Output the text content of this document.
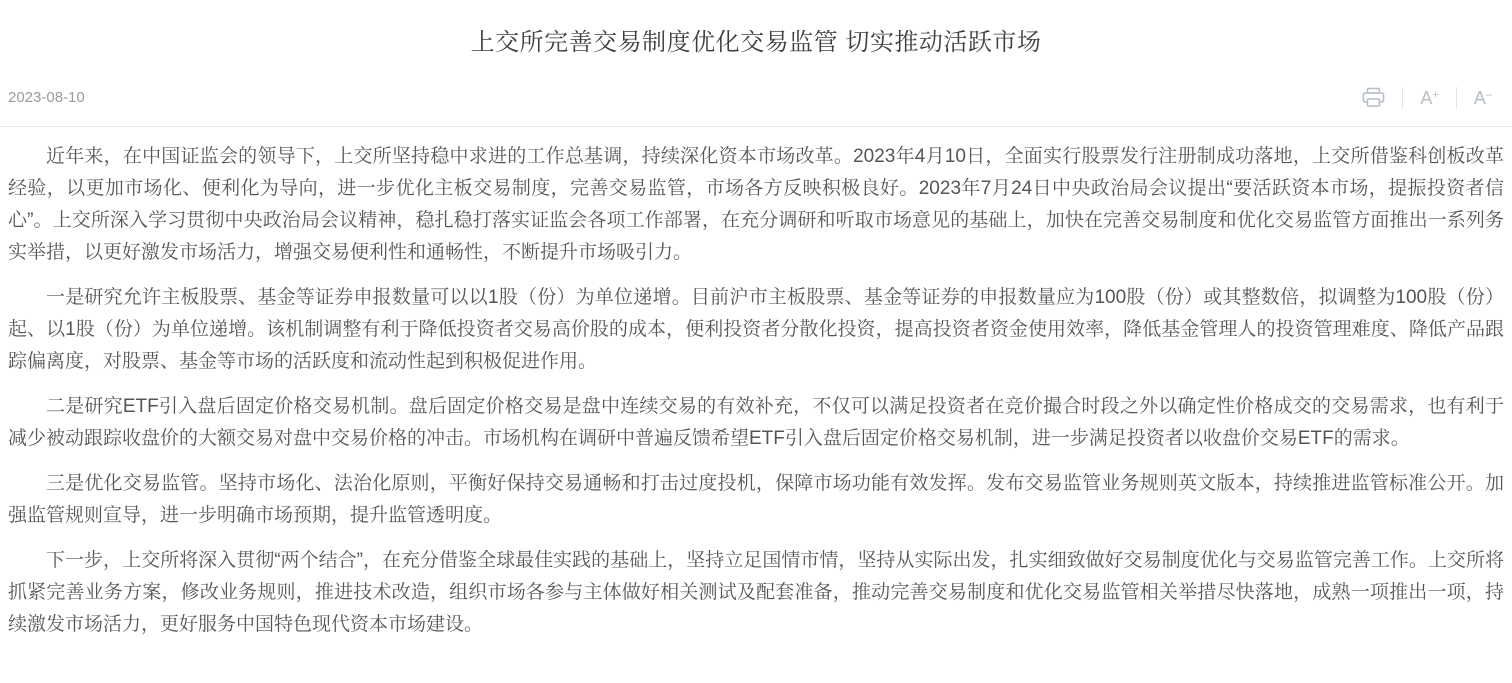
上交所完善交易制度优化交易监管 切实推动活跃市场
2023-08-10	A + A –

近年来，在中国证监会的领导下，上交所坚持稳中求进的工作总基调，持续深化资本市场改革。2023年4月10日，全面实行股票发行注册制成功落地，上交所借鉴科创板改革经验，以更加市场化、便利化为导向，进一步优化主板交易制度，完善交易监管，市场各方反映积极良好。2023年7月24日中央政治局会议提出“要活跃资本市场，提振投资者信心”。上交所深入学习贯彻中央政治局会议精神，稳扎稳打落实证监会各项工作部署，在充分调研和听取市场意见的基础上，加快在完善交易制度和优化交易监管方面推出一系列务实举措，以更好激发市场活力，增强交易便利性和通畅性，不断提升市场吸引力。

一是研究允许主板股票、基金等证券申报数量可以以1股（份）为单位递增。目前沪市主板股票、基金等证券的申报数量应为100股（份）或其整数倍，拟调整为100股（份）起、以1股（份）为单位递增。该机制调整有利于降低投资者交易高价股的成本，便利投资者分散化投资，提高投资者资金使用效率，降低基金管理人的投资管理难度、降低产品跟踪偏离度，对股票、基金等市场的活跃度和流动性起到积极促进作用。

二是研究ETF引入盘后固定价格交易机制。盘后固定价格交易是盘中连续交易的有效补充，不仅可以满足投资者在竞价撮合时段之外以确定性价格成交的交易需求，也有利于减少被动跟踪收盘价的大额交易对盘中交易价格的冲击。市场机构在调研中普遍反馈希望ETF引入盘后固定价格交易机制，进一步满足投资者以收盘价交易ETF的需求。

三是优化交易监管。坚持市场化、法治化原则，平衡好保持交易通畅和打击过度投机，保障市场功能有效发挥。发布交易监管业务规则英文版本，持续推进监管标准公开。加强监管规则宣导，进一步明确市场预期，提升监管透明度。

下一步，上交所将深入贯彻“两个结合”，在充分借鉴全球最佳实践的基础上，坚持立足国情市情，坚持从实际出发，扎实细致做好交易制度优化与交易监管完善工作。上交所将抓紧完善业务方案，修改业务规则，推进技术改造，组织市场各参与主体做好相关测试及配套准备，推动完善交易制度和优化交易监管相关举措尽快落地，成熟一项推出一项，持续激发市场活力，更好服务中国特色现代资本市场建设。
